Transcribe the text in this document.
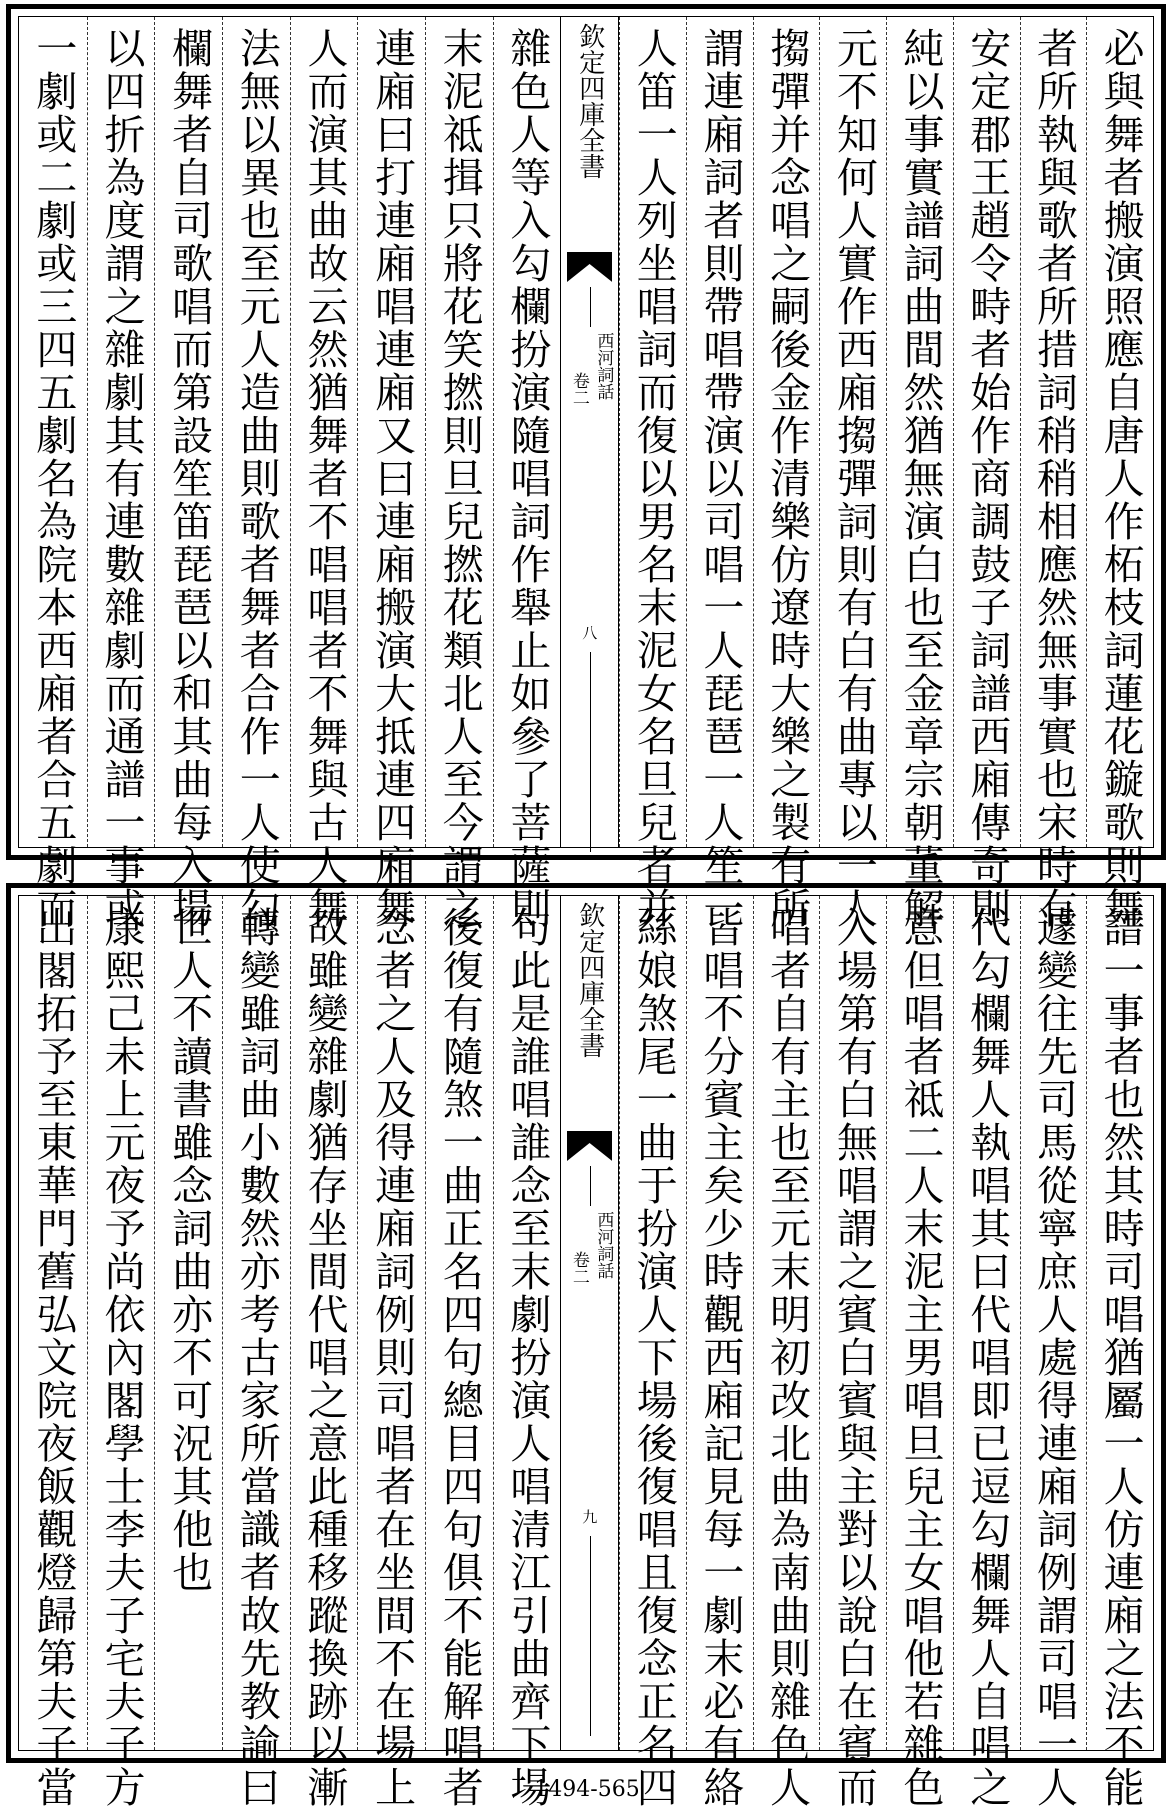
必與舞者搬演照應自唐人作柘枝詞蓮花鏇歌則舞
者所執與歌者所措詞稍稍相應然無事實也宋時有
安定郡王趙令畤者始作商調鼓子詞譜西廂傳奇則
純以事實譜詞曲間然猶無演白也至金章宗朝董解
元不知何人實作西廂搊彈詞則有白有曲專以一人
搊彈并念唱之嗣後金作清樂仿遼時大樂之製有所
謂連廂詞者則帶唱帶演以司唱一人琵琶一人笙一
人笛一人列坐唱詞而復以男名末泥女名旦兒者并
欽定四庫全書
西河詞話
卷二
八
雜色人等入勾欄扮演隨唱詞作舉止如參了菩薩則
末泥祗揖只將花笑撚則旦兒撚花類北人至今謂之
連廂曰打連廂唱連廂又曰連廂搬演大抵連四廂舞
人而演其曲故云然猶舞者不唱唱者不舞與古人舞
法無以異也至元人造曲則歌者舞者合作一人使勾
欄舞者自司歌唱而第設笙笛琵琶以和其曲每入場
以四折為度謂之雜劇其有連數雜劇而通譜一事或
一劇或二劇或三四五劇名為院本西廂者合五劇而
譜一事者也然其時司唱猶屬一人仿連廂之法不能
遽變往先司馬從寧庶人處得連廂詞例謂司唱一人
代勾欄舞人執唱其曰代唱即已逗勾欄舞人自唱之
意但唱者祗二人末泥主男唱旦兒主女唱他若雜色
入場第有白無唱謂之賓白賓與主對以說白在賓而
唱者自有主也至元末明初改北曲為南曲則雜色人
皆唱不分賓主矣少時觀西廂記見每一劇末必有絡
絲娘煞尾一曲于扮演人下場後復唱且復念正名四
欽定四庫全書
西河詞話
卷二
九
句此是誰唱誰念至末劇扮演人唱清江引曲齊下場
後復有隨煞一曲正名四句總目四句俱不能解唱者
念者之人及得連廂詞例則司唱者在坐間不在場上
故雖變雜劇猶存坐間代唱之意此種移蹤換跡以漸
轉變雖詞曲小數然亦考古家所當識者故先教諭曰
世人不讀書雖念詞曲亦不可況其他也
康熙己未上元夜予尚依內閣學士李夫子宅夫子方
出閣拓予至東華門舊弘文院夜飯觀燈歸第夫子當	1494-565
